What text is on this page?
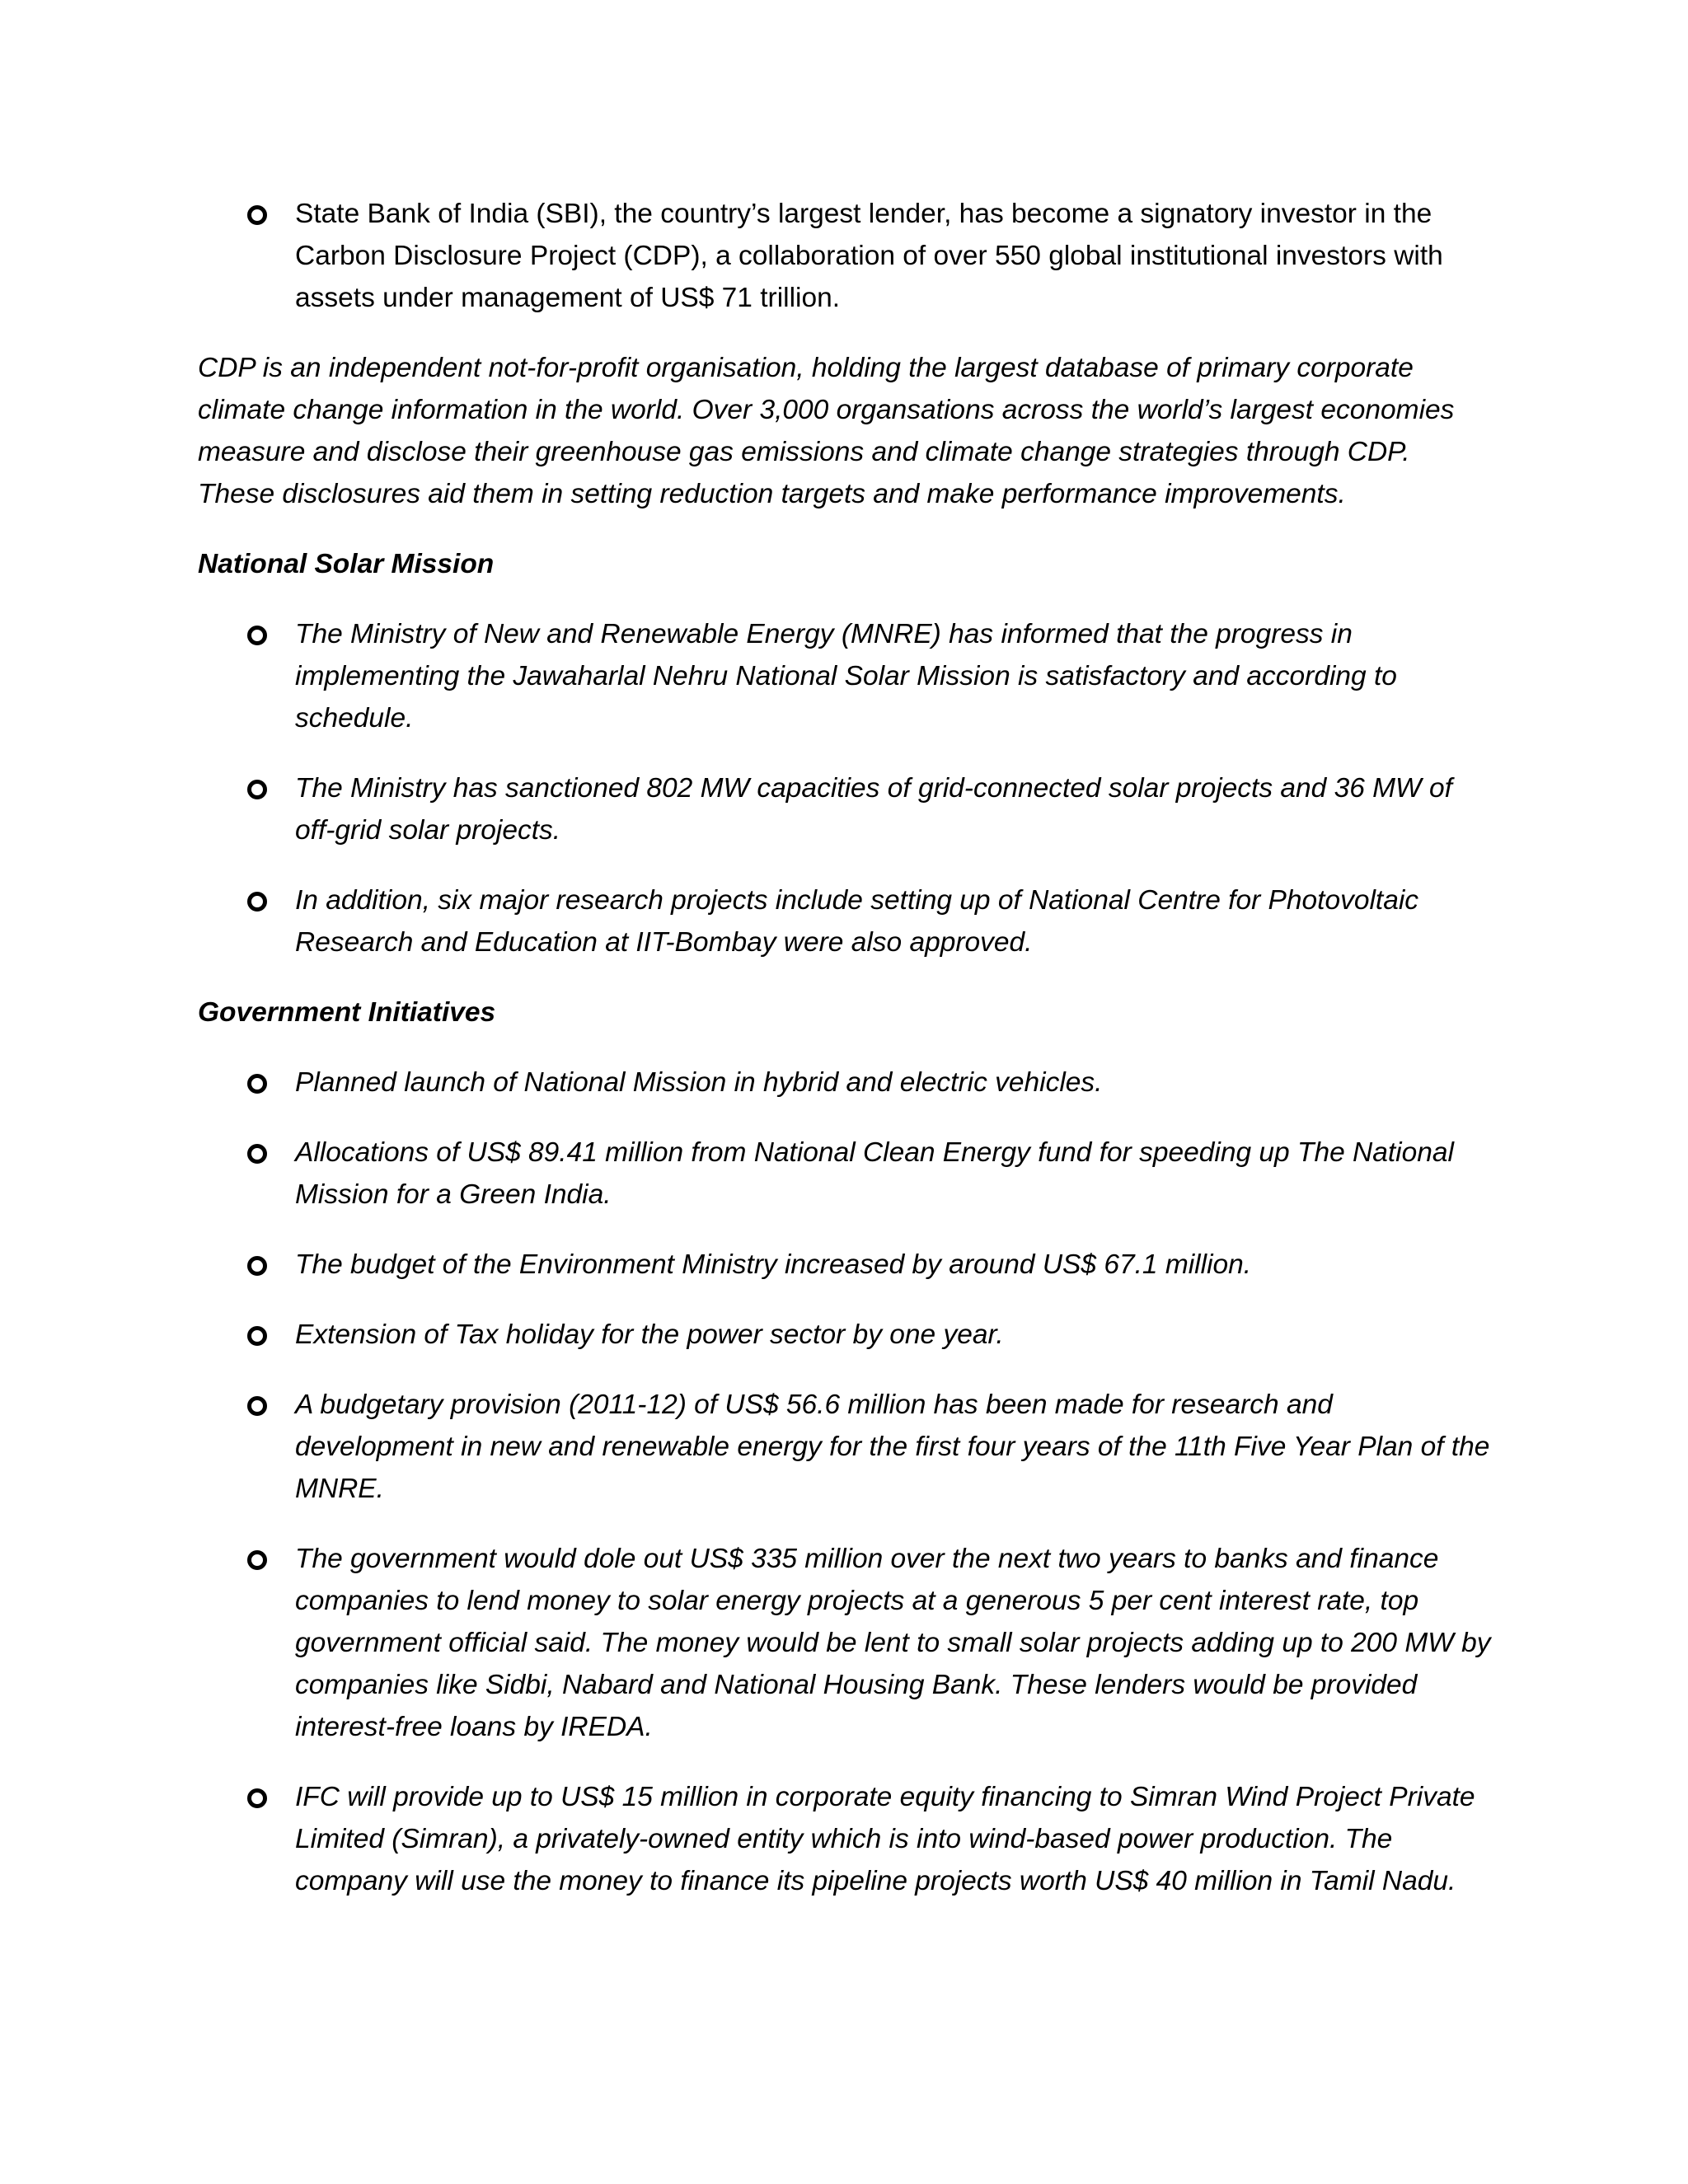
State Bank of India (SBI), the country’s largest lender, has become a signatory investor in the Carbon Disclosure Project (CDP), a collaboration of over 550 global institutional investors with assets under management of US$ 71 trillion.

CDP is an independent not-for-profit organisation, holding the largest database of primary corporate climate change information in the world. Over 3,000 organsations across the world’s largest economies measure and disclose their greenhouse gas emissions and climate change strategies through CDP. These disclosures aid them in setting reduction targets and make performance improvements.

National Solar Mission

The Ministry of New and Renewable Energy (MNRE) has informed that the progress in implementing the Jawaharlal Nehru National Solar Mission is satisfactory and according to schedule.
The Ministry has sanctioned 802 MW capacities of grid-connected solar projects and 36 MW of off-grid solar projects.
In addition, six major research projects include setting up of National Centre for Photovoltaic Research and Education at IIT-Bombay were also approved.

Government Initiatives

Planned launch of National Mission in hybrid and electric vehicles.
Allocations of US$ 89.41 million from National Clean Energy fund for speeding up The National Mission for a Green India.
The budget of the Environment Ministry increased by around US$ 67.1 million.
Extension of Tax holiday for the power sector by one year.
A budgetary provision (2011-12) of US$ 56.6 million has been made for research and development in new and renewable energy for the first four years of the 11th Five Year Plan of the MNRE.
The government would dole out US$ 335 million over the next two years to banks and finance companies to lend money to solar energy projects at a generous 5 per cent interest rate, top government official said. The money would be lent to small solar projects adding up to 200 MW by companies like Sidbi, Nabard and National Housing Bank. These lenders would be provided interest-free loans by IREDA.
IFC will provide up to US$ 15 million in corporate equity financing to Simran Wind Project Private Limited (Simran), a privately-owned entity which is into wind-based power production. The company will use the money to finance its pipeline projects worth US$ 40 million in Tamil Nadu.
